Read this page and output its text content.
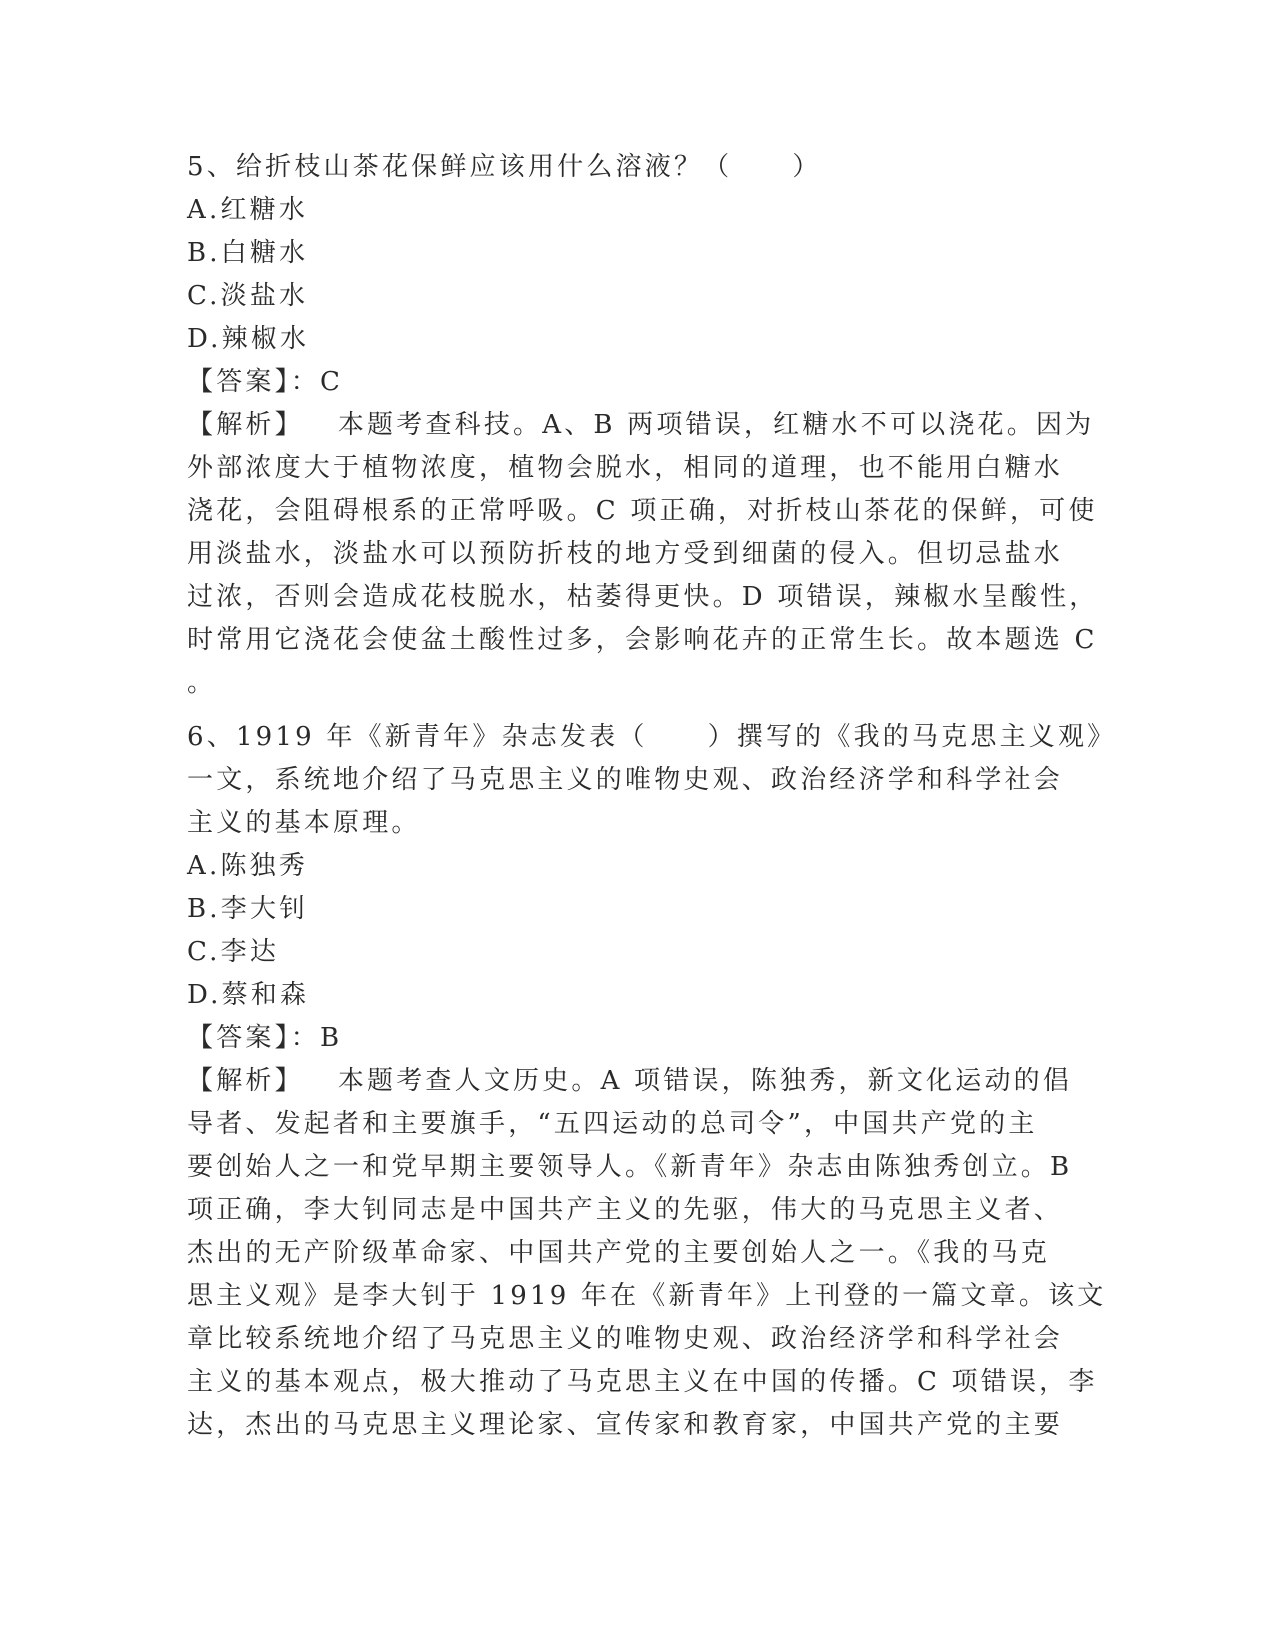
5、给折枝山茶花保鲜应该用什么溶液？（ ）
A.红糖水
B.白糖水
C.淡盐水
D.辣椒水
【答案】：C
【解析】 本题考查科技。A、B 两项错误，红糖水不可以浇花。因为
外部浓度大于植物浓度，植物会脱水，相同的道理，也不能用白糖水
浇花，会阻碍根系的正常呼吸。C 项正确，对折枝山茶花的保鲜，可使
用淡盐水，淡盐水可以预防折枝的地方受到细菌的侵入。但切忌盐水
过浓，否则会造成花枝脱水，枯萎得更快。D 项错误，辣椒水呈酸性，
时常用它浇花会使盆土酸性过多，会影响花卉的正常生长。故本题选 C
。
6、1919 年《新青年》杂志发表（ ）撰写的《我的马克思主义观》
一文，系统地介绍了马克思主义的唯物史观、政治经济学和科学社会
主义的基本原理。
A.陈独秀
B.李大钊
C.李达
D.蔡和森
【答案】：B
【解析】 本题考查人文历史。A 项错误，陈独秀，新文化运动的倡
导者、发起者和主要旗手，“五四运动的总司令”，中国共产党的主
要创始人之一和党早期主要领导人。《新青年》杂志由陈独秀创立。B
项正确，李大钊同志是中国共产主义的先驱，伟大的马克思主义者、
杰出的无产阶级革命家、中国共产党的主要创始人之一。《我的马克
思主义观》是李大钊于 1919 年在《新青年》上刊登的一篇文章。该文
章比较系统地介绍了马克思主义的唯物史观、政治经济学和科学社会
主义的基本观点，极大推动了马克思主义在中国的传播。C 项错误，李
达，杰出的马克思主义理论家、宣传家和教育家，中国共产党的主要
